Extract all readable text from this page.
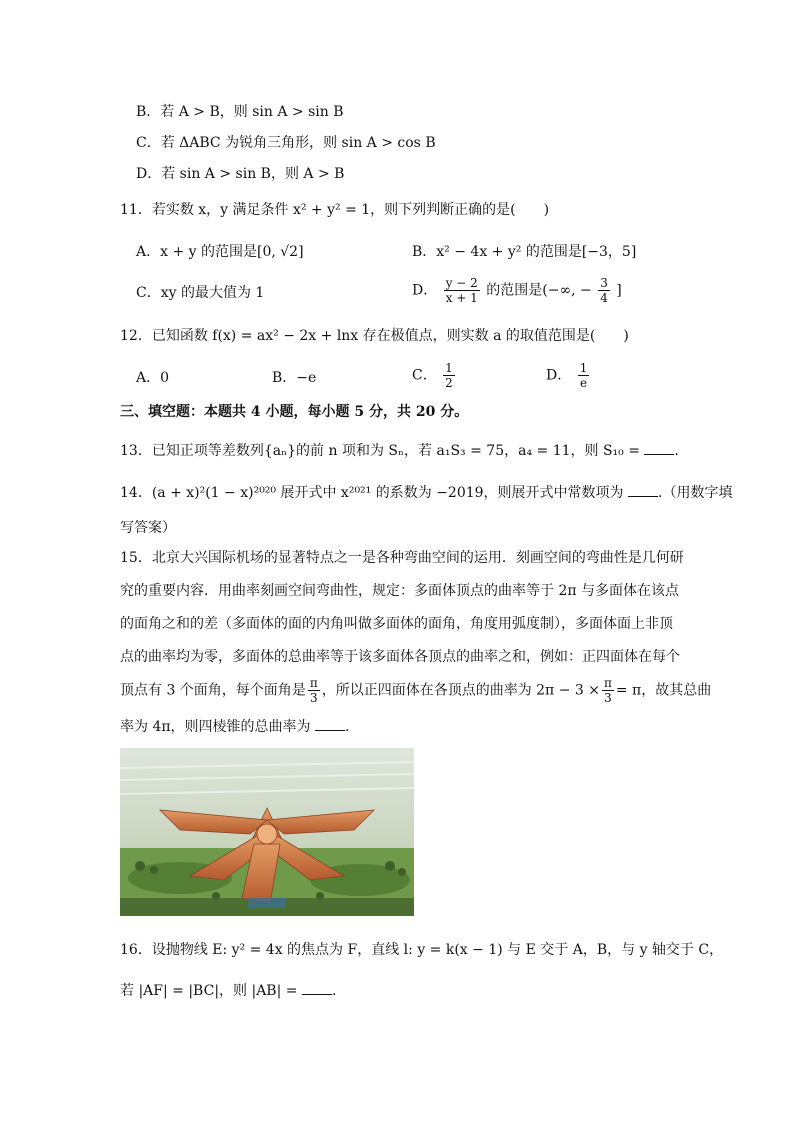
B．若 A > B，则 sin A > sin B
C．若 ΔABC 为锐角三角形，则 sin A > cos B
D．若 sin A > sin B，则 A > B
11．若实数 x，y 满足条件 x² + y² = 1，则下列判断正确的是(　　)
A．x + y 的范围是[0, √2]	B．x² − 4x + y² 的范围是[−3，5]
C．xy 的最大值为 1	D． $\frac{y - 2}{x + 1}$ 的范围是(−∞, − $\frac{3}{4}$ ]
12．已知函数 f(x) = ax² − 2x + lnx 存在极值点，则实数 a 的取值范围是(　　)
A．0	B．−e	C． $\frac{1}{2}$	D． $\frac{1}{e}$
三、填空题：本题共 4 小题，每小题 5 分，共 20 分。
13．已知正项等差数列{aₙ}的前 n 项和为 Sₙ，若 a₁S₃ = 75，a₄ = 11，则 S₁₀ = .
14．(a + x)²(1 − x)²⁰²⁰ 展开式中 x²⁰²¹ 的系数为 −2019，则展开式中常数项为 .（用数字填
写答案）
15．北京大兴国际机场的显著特点之一是各种弯曲空间的运用．刻画空间的弯曲性是几何研
究的重要内容．用曲率刻画空间弯曲性，规定：多面体顶点的曲率等于 2π 与多面体在该点
的面角之和的差（多面体的面的内角叫做多面体的面角，角度用弧度制），多面体面上非顶
点的曲率均为零，多面体的总曲率等于该多面体各顶点的曲率之和，例如：正四面体在每个
顶点有 3 个面角，每个面角是 $\frac{\pi}{3}$ ，所以正四面体在各顶点的曲率为 $2\pi - 3 \times \frac{\pi}{3} = \pi$，故其总曲
率为 4π，则四棱锥的总曲率为 .
16．设抛物线 E: y² = 4x 的焦点为 F，直线 l: y = k(x − 1) 与 E 交于 A，B，与 y 轴交于 C，
若 |AF| = |BC|，则 |AB| = .
